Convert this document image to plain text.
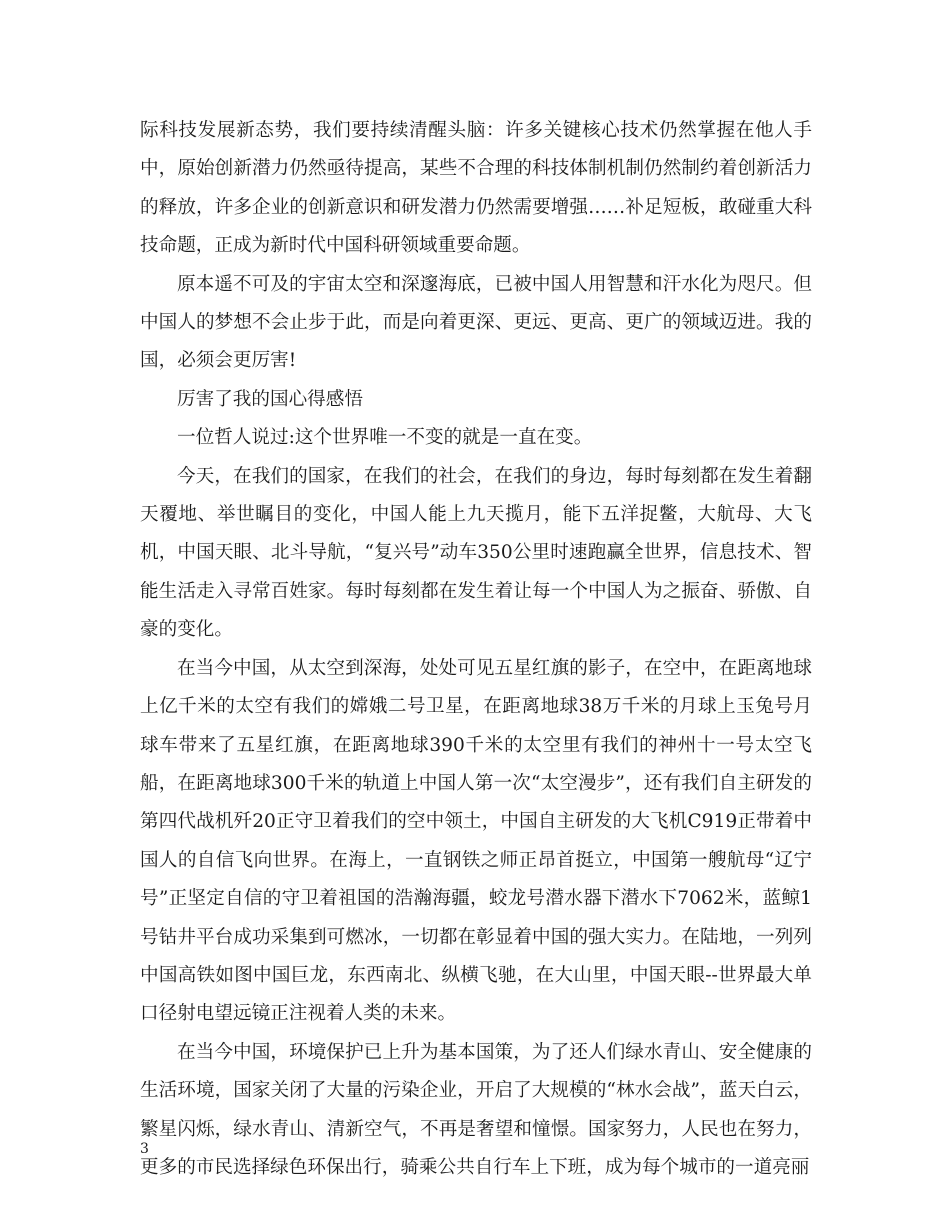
际科技发展新态势，我们要持续清醒头脑：许多关键核心技术仍然掌握在他人手中，原始创新潜力仍然亟待提高，某些不合理的科技体制机制仍然制约着创新活力的释放，许多企业的创新意识和研发潜力仍然需要增强……补足短板，敢碰重大科技命题，正成为新时代中国科研领域重要命题。

原本遥不可及的宇宙太空和深邃海底，已被中国人用智慧和汗水化为咫尺。但中国人的梦想不会止步于此，而是向着更深、更远、更高、更广的领域迈进。我的国，必须会更厉害!

厉害了我的国心得感悟

一位哲人说过:这个世界唯一不变的就是一直在变。

今天，在我们的国家，在我们的社会，在我们的身边，每时每刻都在发生着翻天覆地、举世瞩目的变化，中国人能上九天揽月，能下五洋捉鳖，大航母、大飞机，中国天眼、北斗导航，“复兴号”动车350公里时速跑赢全世界，信息技术、智能生活走入寻常百姓家。每时每刻都在发生着让每一个中国人为之振奋、骄傲、自豪的变化。

在当今中国，从太空到深海，处处可见五星红旗的影子，在空中，在距离地球上亿千米的太空有我们的嫦娥二号卫星，在距离地球38万千米的月球上玉兔号月球车带来了五星红旗，在距离地球390千米的太空里有我们的神州十一号太空飞船，在距离地球300千米的轨道上中国人第一次“太空漫步”，还有我们自主研发的第四代战机歼20正守卫着我们的空中领土，中国自主研发的大飞机C919正带着中国人的自信飞向世界。在海上，一直钢铁之师正昂首挺立，中国第一艘航母“辽宁号”正坚定自信的守卫着祖国的浩瀚海疆，蛟龙号潜水器下潜水下7062米，蓝鲸1号钻井平台成功采集到可燃冰，一切都在彰显着中国的强大实力。在陆地，一列列中国高铁如图中国巨龙，东西南北、纵横飞驰，在大山里，中国天眼--世界最大单口径射电望远镜正注视着人类的未来。

在当今中国，环境保护已上升为基本国策，为了还人们绿水青山、安全健康的生活环境，国家关闭了大量的污染企业，开启了大规模的“林水会战”，蓝天白云，繁星闪烁，绿水青山、清新空气，不再是奢望和憧憬。国家努力，人民也在努力，更多的市民选择绿色环保出行，骑乘公共自行车上下班，成为每个城市的一道亮丽

3
